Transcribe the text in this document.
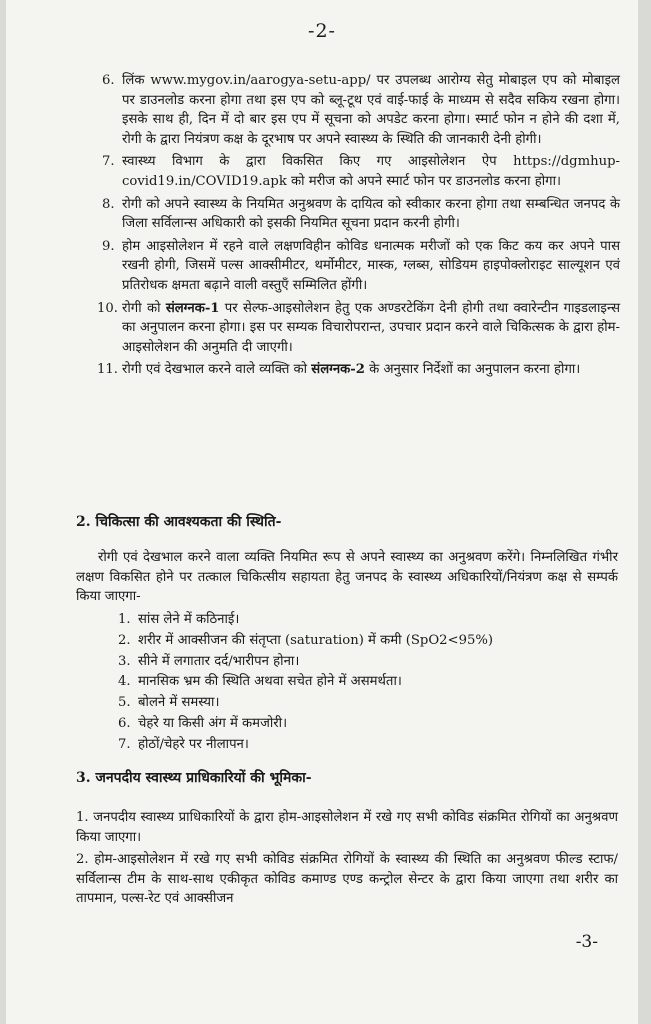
-2-
6. लिंक www.mygov.in/aarogya-setu-app/ पर उपलब्ध आरोग्य सेतु मोबाइल एप को मोबाइल पर डाउनलोड करना होगा तथा इस एप को ब्लू-टूथ एवं वाई-फाई के माध्यम से सदैव सकिय रखना होगा। इसके साथ ही, दिन में दो बार इस एप में सूचना को अपडेट करना होगा। स्मार्ट फोन न होने की दशा में, रोगी के द्वारा नियंत्रण कक्ष के दूरभाष पर अपने स्वास्थ्य के स्थिति की जानकारी देनी होगी।
7. स्वास्थ्य विभाग के द्वारा विकसित किए गए आइसोलेशन ऐप https://dgmhup-covid19.in/COVID19.apk को मरीज को अपने स्मार्ट फोन पर डाउनलोड करना होगा।
8. रोगी को अपने स्वास्थ्य के नियमित अनुश्रवण के दायित्व को स्वीकार करना होगा तथा सम्बन्धित जनपद के जिला सर्विलान्स अधिकारी को इसकी नियमित सूचना प्रदान करनी होगी।
9. होम आइसोलेशन में रहने वाले लक्षणविहीन कोविड धनात्मक मरीजों को एक किट कय कर अपने पास रखनी होगी, जिसमें पल्स आक्सीमीटर, थर्मोमीटर, मास्क, ग्लब्स, सोडियम हाइपोक्लोराइट साल्यूशन एवं प्रतिरोधक क्षमता बढ़ाने वाली वस्तुएँ सम्मिलित होंगी।
10. रोगी को संलग्नक-1 पर सेल्फ-आइसोलेशन हेतु एक अण्डरटेकिंग देनी होगी तथा क्वारेन्टीन गाइडलाइन्स का अनुपालन करना होगा। इस पर सम्यक विचारोपरान्त, उपचार प्रदान करने वाले चिकित्सक के द्वारा होम-आइसोलेशन की अनुमति दी जाएगी।
11. रोगी एवं देखभाल करने वाले व्यक्ति को संलग्नक-2 के अनुसार निर्देशों का अनुपालन करना होगा।
2. चिकित्सा की आवश्यकता की स्थिति-
रोगी एवं देखभाल करने वाला व्यक्ति नियमित रूप से अपने स्वास्थ्य का अनुश्रवण करेंगे। निम्नलिखित गंभीर लक्षण विकसित होने पर तत्काल चिकित्सीय सहायता हेतु जनपद के स्वास्थ्य अधिकारियों/नियंत्रण कक्ष से सम्पर्क किया जाएगा-
1. सांस लेने में कठिनाई।
2. शरीर में आक्सीजन की संतृप्ता (saturation) में कमी (SpO2<95%)
3. सीने में लगातार दर्द/भारीपन होना।
4. मानसिक भ्रम की स्थिति अथवा सचेत होने में असमर्थता।
5. बोलने में समस्या।
6. चेहरे या किसी अंग में कमजोरी।
7. होठों/चेहरे पर नीलापन।
3. जनपदीय स्वास्थ्य प्राधिकारियों की भूमिका-
1. जनपदीय स्वास्थ्य प्राधिकारियों के द्वारा होम-आइसोलेशन में रखे गए सभी कोविड संक्रमित रोगियों का अनुश्रवण किया जाएगा।
2. होम-आइसोलेशन में रखे गए सभी कोविड संक्रमित रोगियों के स्वास्थ्य की स्थिति का अनुश्रवण फील्ड स्टाफ/सर्विलान्स टीम के साथ-साथ एकीकृत कोविड कमाण्ड एण्ड कन्ट्रोल सेन्टर के द्वारा किया जाएगा तथा शरीर का तापमान, पल्स-रेट एवं आक्सीजन
-3-
